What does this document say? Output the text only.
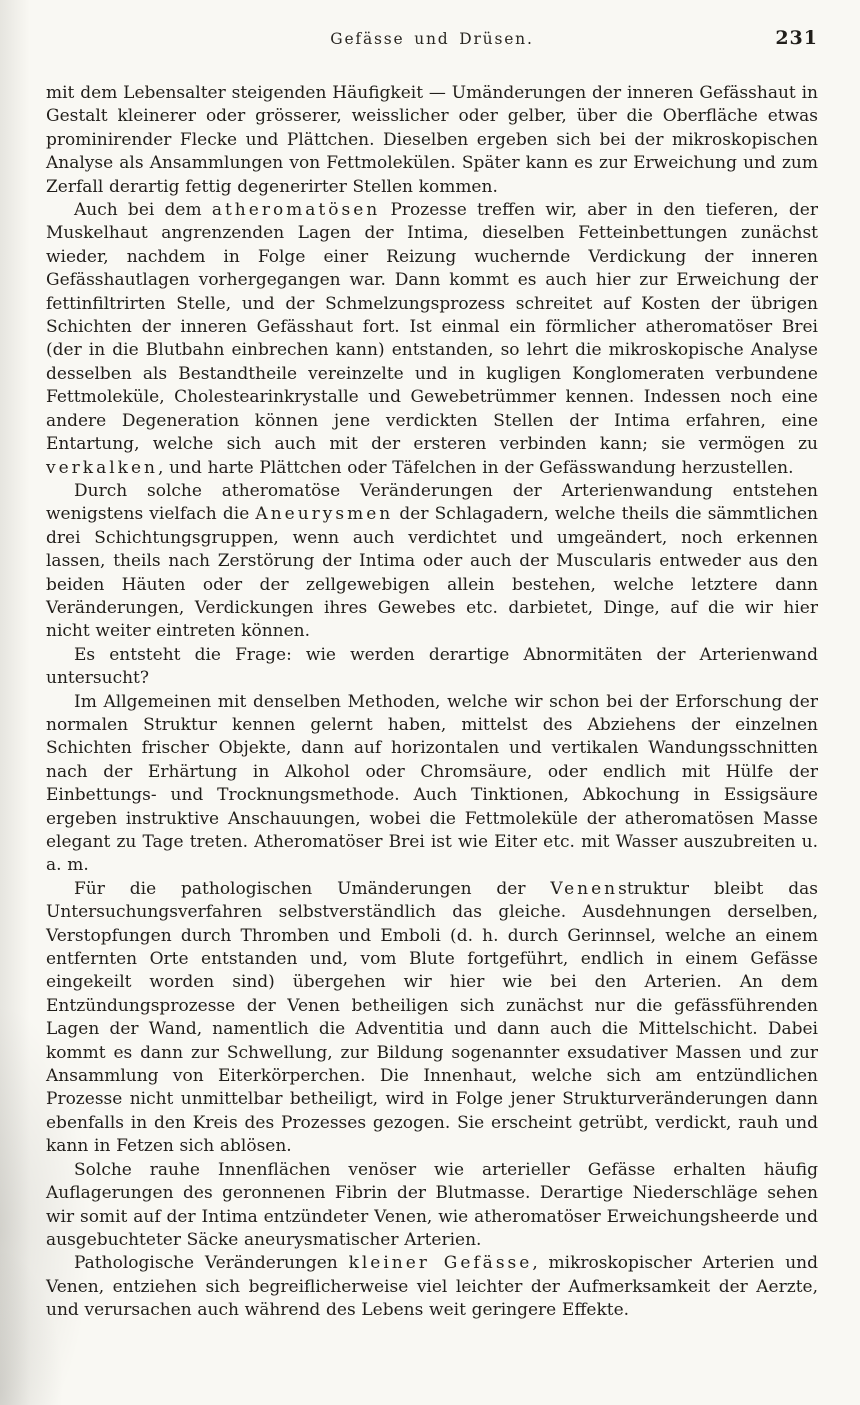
Gefässe und Drüsen.	231

mit dem Lebensalter steigenden Häufigkeit — Umänderungen der inneren Gefässhaut in Gestalt kleinerer oder grösserer, weisslicher oder gelber, über die Oberfläche etwas prominirender Flecke und Plättchen. Dieselben ergeben sich bei der mikroskopischen Analyse als Ansammlungen von Fettmolekülen. Später kann es zur Erweichung und zum Zerfall derartig fettig degenerirter Stellen kommen.

Auch bei dem atheromatösen Prozesse treffen wir, aber in den tieferen, der Muskelhaut angrenzenden Lagen der Intima, dieselben Fetteinbettungen zunächst wieder, nachdem in Folge einer Reizung wuchernde Verdickung der inneren Gefässhautlagen vorhergegangen war. Dann kommt es auch hier zur Erweichung der fettinfiltrirten Stelle, und der Schmelzungsprozess schreitet auf Kosten der übrigen Schichten der inneren Gefässhaut fort. Ist einmal ein förmlicher atheromatöser Brei (der in die Blutbahn einbrechen kann) entstanden, so lehrt die mikroskopische Analyse desselben als Bestandtheile vereinzelte und in kugligen Konglomeraten verbundene Fettmoleküle, Cholestearinkrystalle und Gewebetrümmer kennen. Indessen noch eine andere Degeneration können jene verdickten Stellen der Intima erfahren, eine Entartung, welche sich auch mit der ersteren verbinden kann; sie vermögen zu verkalken, und harte Plättchen oder Täfelchen in der Gefässwandung herzustellen.

Durch solche atheromatöse Veränderungen der Arterienwandung entstehen wenigstens vielfach die Aneurysmen der Schlagadern, welche theils die sämmtlichen drei Schichtungsgruppen, wenn auch verdichtet und umgeändert, noch erkennen lassen, theils nach Zerstörung der Intima oder auch der Muscularis entweder aus den beiden Häuten oder der zellgewebigen allein bestehen, welche letztere dann Veränderungen, Verdickungen ihres Gewebes etc. darbietet, Dinge, auf die wir hier nicht weiter eintreten können.

Es entsteht die Frage: wie werden derartige Abnormitäten der Arterienwand untersucht?

Im Allgemeinen mit denselben Methoden, welche wir schon bei der Erforschung der normalen Struktur kennen gelernt haben, mittelst des Abziehens der einzelnen Schichten frischer Objekte, dann auf horizontalen und vertikalen Wandungsschnitten nach der Erhärtung in Alkohol oder Chromsäure, oder endlich mit Hülfe der Einbettungs- und Trocknungsmethode. Auch Tinktionen, Abkochung in Essigsäure ergeben instruktive Anschauungen, wobei die Fettmoleküle der atheromatösen Masse elegant zu Tage treten. Atheromatöser Brei ist wie Eiter etc. mit Wasser auszubreiten u. a. m.

Für die pathologischen Umänderungen der Venenstruktur bleibt das Untersuchungsverfahren selbstverständlich das gleiche. Ausdehnungen derselben, Verstopfungen durch Thromben und Emboli (d. h. durch Gerinnsel, welche an einem entfernten Orte entstanden und, vom Blute fortgeführt, endlich in einem Gefässe eingekeilt worden sind) übergehen wir hier wie bei den Arterien. An dem Entzündungsprozesse der Venen betheiligen sich zunächst nur die gefässführenden Lagen der Wand, namentlich die Adventitia und dann auch die Mittelschicht. Dabei kommt es dann zur Schwellung, zur Bildung sogenannter exsudativer Massen und zur Ansammlung von Eiterkörperchen. Die Innenhaut, welche sich am entzündlichen Prozesse nicht unmittelbar betheiligt, wird in Folge jener Strukturveränderungen dann ebenfalls in den Kreis des Prozesses gezogen. Sie erscheint getrübt, verdickt, rauh und kann in Fetzen sich ablösen.

Solche rauhe Innenflächen venöser wie arterieller Gefässe erhalten häufig Auflagerungen des geronnenen Fibrin der Blutmasse. Derartige Niederschläge sehen wir somit auf der Intima entzündeter Venen, wie atheromatöser Erweichungsheerde und ausgebuchteter Säcke aneurysmatischer Arterien.

Pathologische Veränderungen kleiner Gefässe, mikroskopischer Arterien und Venen, entziehen sich begreiflicherweise viel leichter der Aufmerksamkeit der Aerzte, und verursachen auch während des Lebens weit geringere Effekte.
